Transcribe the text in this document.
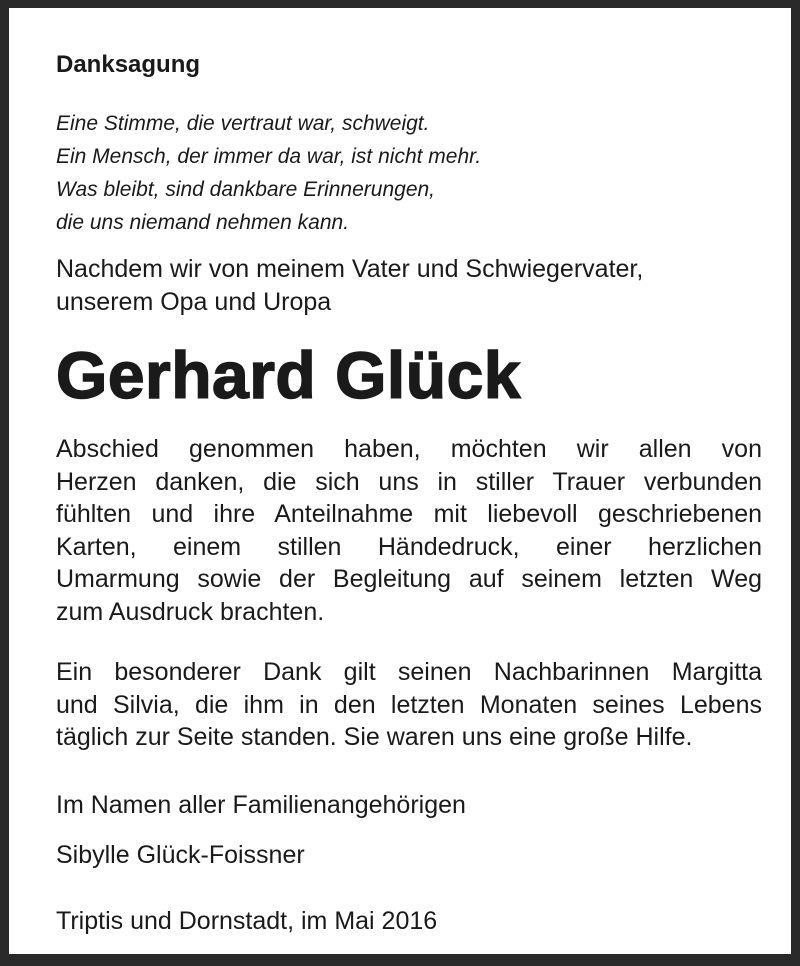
Danksagung
Eine Stimme, die vertraut war, schweigt.
Ein Mensch, der immer da war, ist nicht mehr.
Was bleibt, sind dankbare Erinnerungen,
die uns niemand nehmen kann.
Nachdem wir von meinem Vater und Schwiegervater,
unserem Opa und Uropa
Gerhard Glück
Abschied genommen haben, möchten wir allen von
Herzen danken, die sich uns in stiller Trauer verbunden
fühlten und ihre Anteilnahme mit liebevoll geschriebenen
Karten, einem stillen Händedruck, einer herzlichen
Umarmung sowie der Begleitung auf seinem letzten Weg
zum Ausdruck brachten.
Ein besonderer Dank gilt seinen Nachbarinnen Margitta
und Silvia, die ihm in den letzten Monaten seines Lebens
täglich zur Seite standen. Sie waren uns eine große Hilfe.
Im Namen aller Familienangehörigen
Sibylle Glück-Foissner
Triptis und Dornstadt, im Mai 2016
